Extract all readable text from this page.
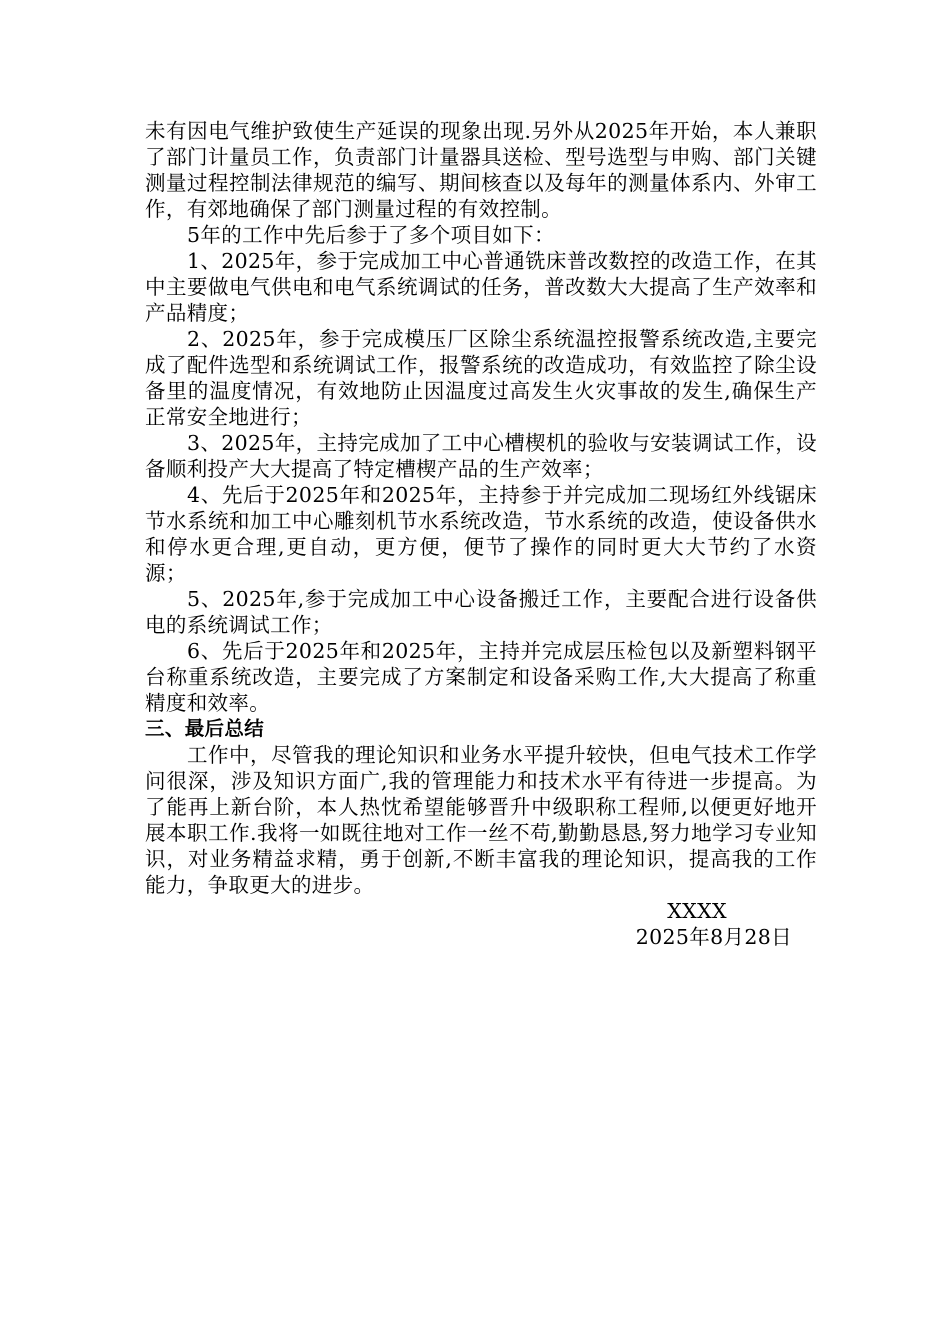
未有因电气维护致使生产延误的现象出现.另外从2025年开始，本人兼职了部门计量员工作，负责部门计量器具送检、型号选型与申购、部门关键测量过程控制法律规范的编写、期间核查以及每年的测量体系内、外审工作，有郊地确保了部门测量过程的有效控制。

5年的工作中先后参于了多个项目如下：

1、2025年，参于完成加工中心普通铣床普改数控的改造工作，在其中主要做电气供电和电气系统调试的任务，普改数大大提高了生产效率和产品精度；

2、2025年，参于完成模压厂区除尘系统温控报警系统改造,主要完成了配件选型和系统调试工作，报警系统的改造成功，有效监控了除尘设备里的温度情况，有效地防止因温度过高发生火灾事故的发生,确保生产正常安全地进行；

3、2025年，主持完成加了工中心槽楔机的验收与安装调试工作，设备顺利投产大大提高了特定槽楔产品的生产效率；

4、先后于2025年和2025年，主持参于并完成加二现场红外线锯床节水系统和加工中心雕刻机节水系统改造，节水系统的改造，使设备供水和停水更合理,更自动，更方便，便节了操作的同时更大大节约了水资源；

5、2025年,参于完成加工中心设备搬迁工作，主要配合进行设备供电的系统调试工作；

6、先后于2025年和2025年，主持并完成层压检包以及新塑料钢平台称重系统改造，主要完成了方案制定和设备采购工作,大大提高了称重精度和效率。

三、最后总结

工作中，尽管我的理论知识和业务水平提升较快，但电气技术工作学问很深，涉及知识方面广,我的管理能力和技术水平有待进一步提高。为了能再上新台阶，本人热忱希望能够晋升中级职称工程师,以便更好地开展本职工作.我将一如既往地对工作一丝不苟,勤勤恳恳,努力地学习专业知识，对业务精益求精，勇于创新,不断丰富我的理论知识，提高我的工作能力，争取更大的进步。

XXXX

2025年8月28日
